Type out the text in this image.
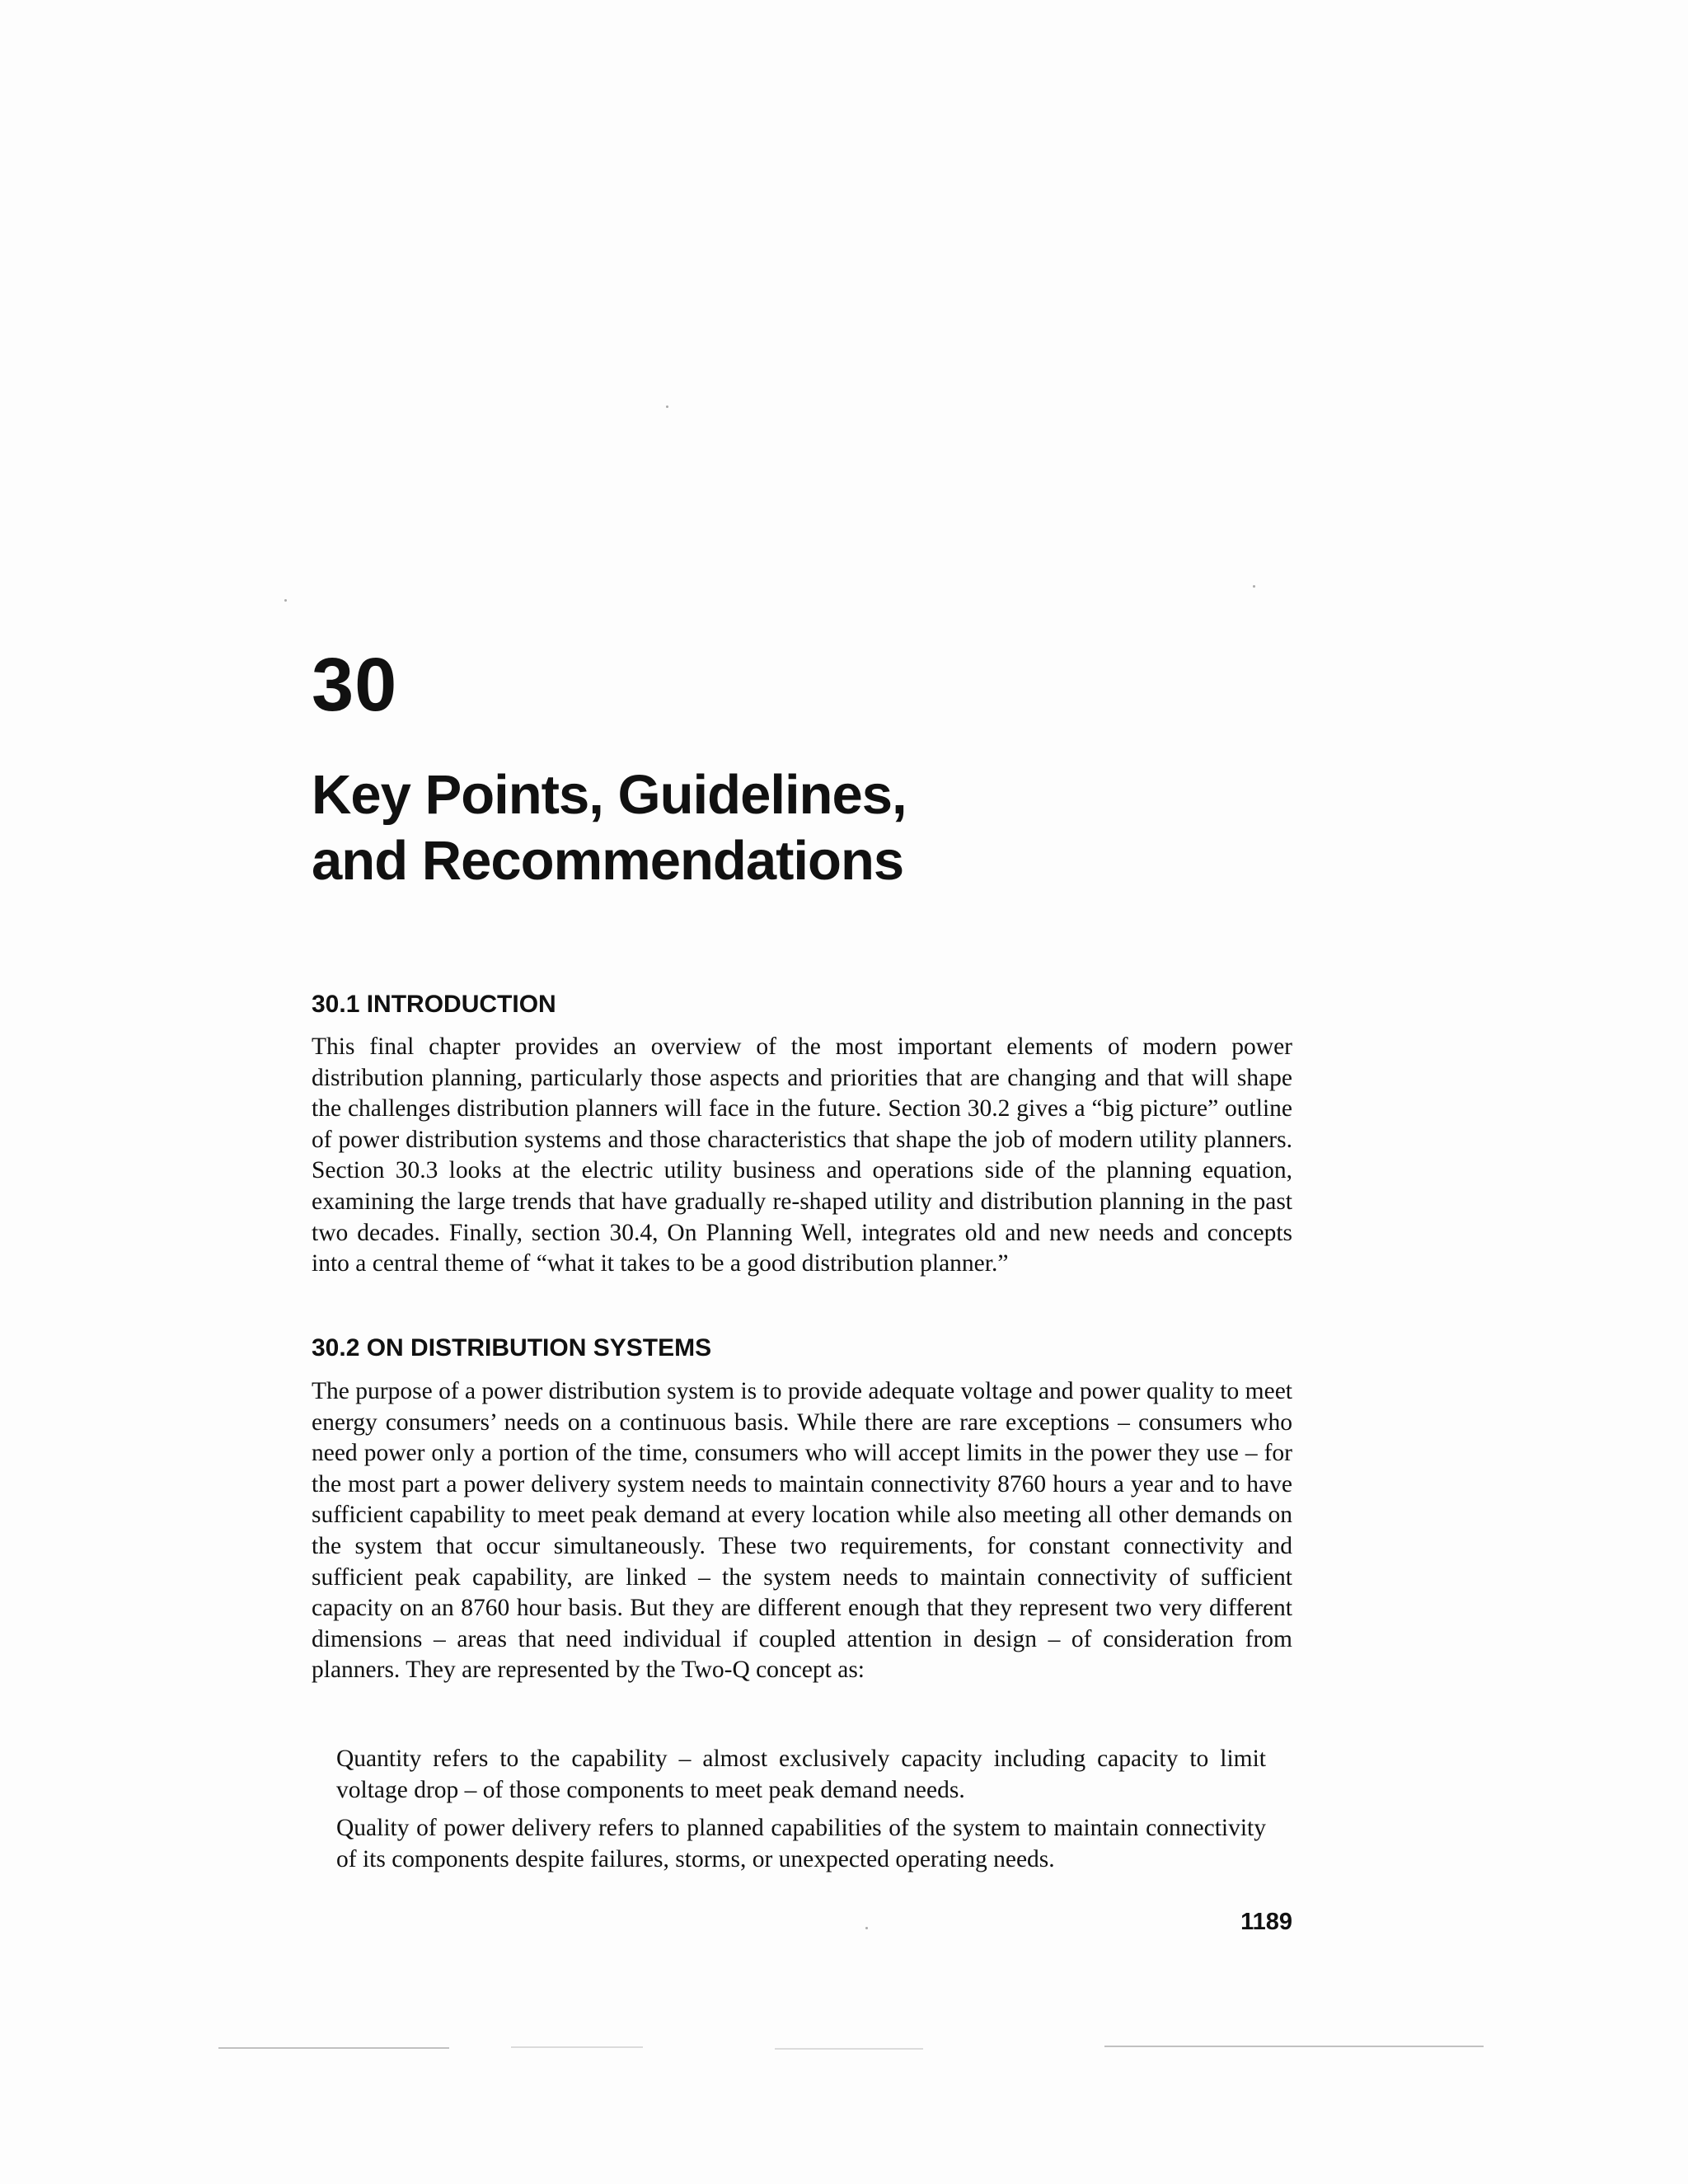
30
Key Points, Guidelines,
and Recommendations
30.1 INTRODUCTION

This final chapter provides an overview of the most important elements of modern power distribution planning, particularly those aspects and priorities that are changing and that will shape the challenges distribution planners will face in the future. Section 30.2 gives a “big picture” outline of power distribution systems and those characteristics that shape the job of modern utility planners. Section 30.3 looks at the electric utility business and operations side of the planning equation, examining the large trends that have gradually re-shaped utility and distribution planning in the past two decades. Finally, section 30.4, On Planning Well, integrates old and new needs and concepts into a central theme of “what it takes to be a good distribution planner.”

30.2 ON DISTRIBUTION SYSTEMS

The purpose of a power distribution system is to provide adequate voltage and power quality to meet energy consumers’ needs on a continuous basis. While there are rare exceptions – consumers who need power only a portion of the time, consumers who will accept limits in the power they use – for the most part a power delivery system needs to maintain connectivity 8760 hours a year and to have sufficient capability to meet peak demand at every location while also meeting all other demands on the system that occur simultaneously. These two requirements, for constant connectivity and sufficient peak capability, are linked – the system needs to maintain connectivity of sufficient capacity on an 8760 hour basis. But they are different enough that they represent two very different dimensions – areas that need individual if coupled attention in design – of consideration from planners. They are represented by the Two-Q concept as:

Quantity refers to the capability – almost exclusively capacity including capacity to limit voltage drop – of those components to meet peak demand needs.

Quality of power delivery refers to planned capabilities of the system to maintain connectivity of its components despite failures, storms, or unexpected operating needs.

1189
